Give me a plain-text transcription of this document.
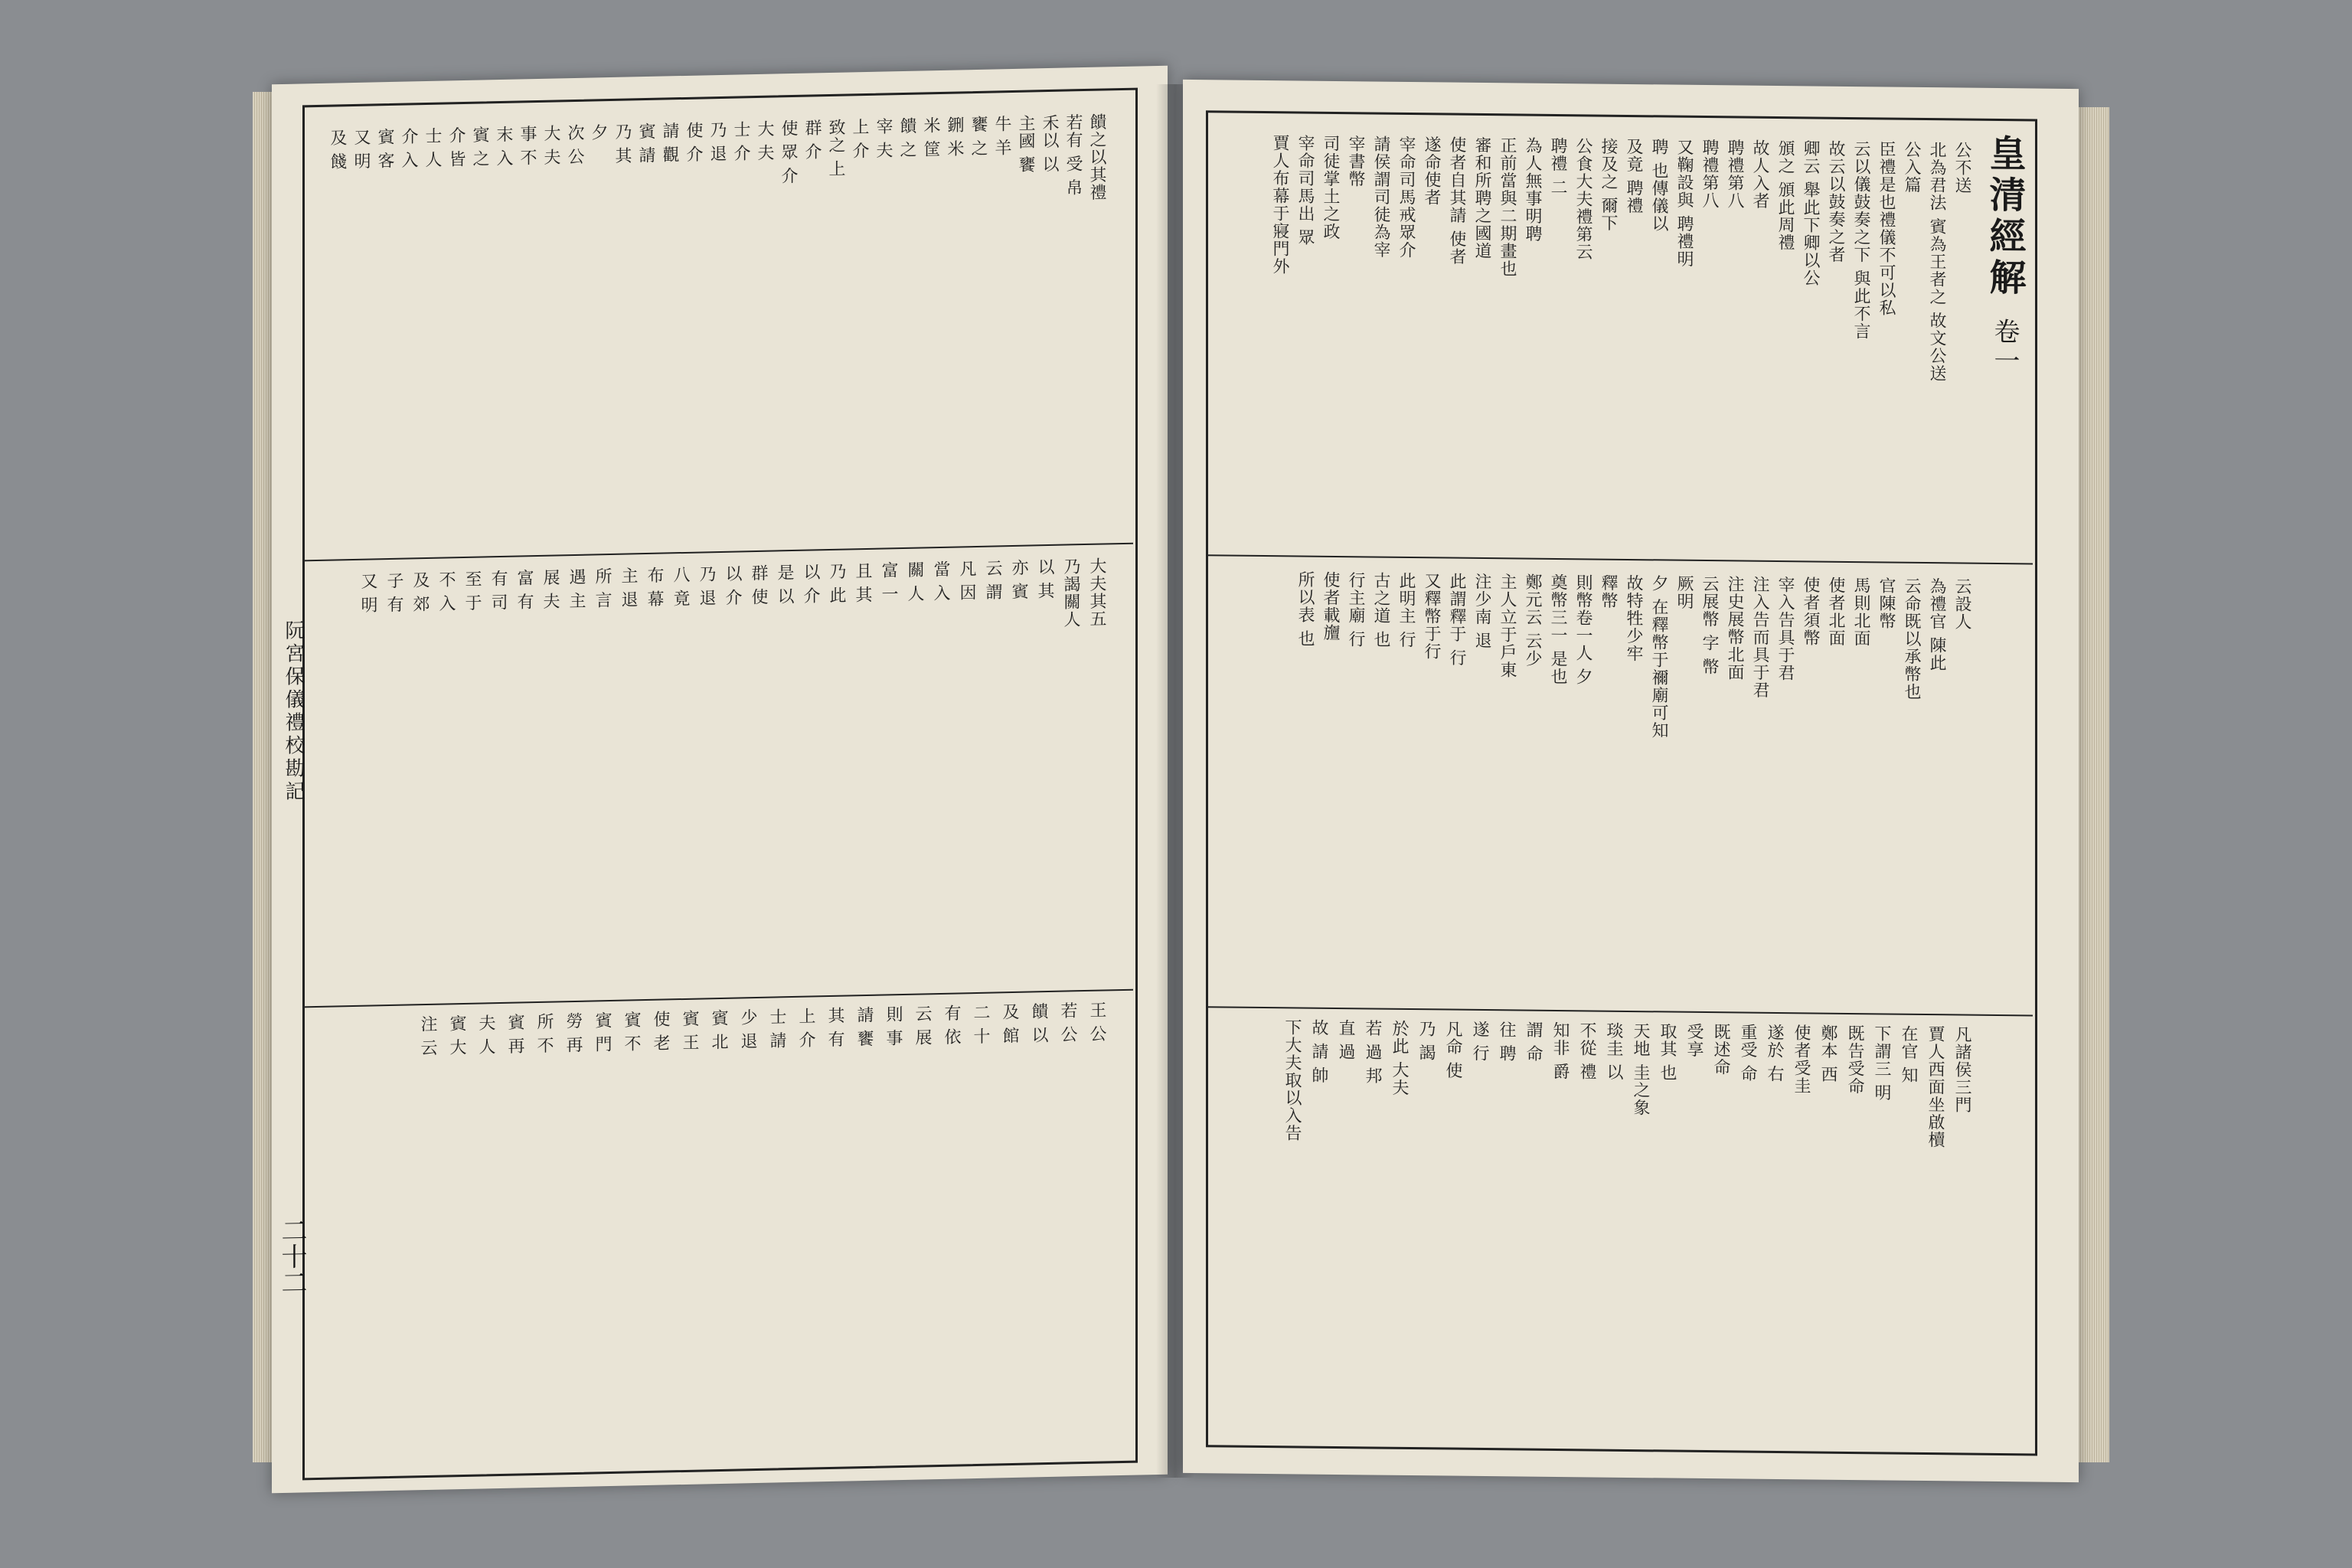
饋之以其禮
若有 受 帛
禾以 以
主國 饔
牛 羊
饔 之
鉶 米
米 筐
饋 之
宰 夫
上 介
致之 上
群 介
使 眾 介
大 夫
士 介
乃 退
使 介
請 觀
賓 請
乃 其
夕
次 公
大 夫
事 不
末 入
賓 之
介 皆
士 人
介 入
賓 客
又 明
及 餞
大夫其五
乃謁關人
以 其
亦 賓
云 謂
凡 因
當 入
關 人
富 一
且 其
乃 此
以 介
是 以
群 使
以 介
乃 退
八 竟
布 幕
主 退
所 言
遇 主
展 夫
富 有
有 司
至 于
不 入
及 郊
子 有
又 明
王 公
若 公
饋 以
及 館
二 十
有 依
云 展
則 事
請 饔
其 有
上 介
士 請
少 退
賓 北
賓 王
使 老
賓 不
賓 門
勞 再
所 不
賓 再
夫 人
賓 大
注 云
阮宮保儀禮校勘記
二十二
公不送
北為君法 賓為王者之 故文公送
公入篇
臣禮是也禮儀不可以私
云以儀鼓奏之下 與此不言
故云以鼓奏之者
卿云 舉此下卿以公
頒之 頒此周禮
故人入者
聘禮第八
聘禮第八
又鞠設與 聘禮明
聘 也傳儀以
及竟 聘禮
接及之 爾下
公食大夫禮第云
聘禮 二
為人無事明聘
正前當與二期畫也
審和所聘之國道
使者自其請 使者
遂命使者
宰命司馬戒眾介
請侯謂司徒為宰
宰書幣
司徒掌土之政
宰命司馬出 眾
賈人布幕于寢門外
云設人
為禮官 陳此
云命既以承幣也
官陳幣
馬則北面
使者北面
使者須幣
宰入告具于君
注入告而具于君
注史展幣北面
云展幣 字 幣
厥明
夕 在釋幣于禰廟可知
故特牲少牢
釋幣
則幣卷一人 夕
奠幣三一 是也
鄭元云 云少
主人立于戶東
注少南 退
此謂釋于 行
又釋幣于行
此明主 行
古之道 也
行主廟 行
使者載旜
所以表 也
凡諸侯三門
賈人西面坐啟櫝
在官 知
下謂三 明
既告受命
鄭本 西
使者受圭
遂於 右
重受 命
既述命
受享
取其 也
天地 圭之象
琰圭 以
不從 禮
知非 爵
謂 命
往 聘
遂 行
凡命 使
乃 謁
於此 大夫
若 過 邦
直 過
故 請 帥
下大夫取以入告
皇清經解
卷一
